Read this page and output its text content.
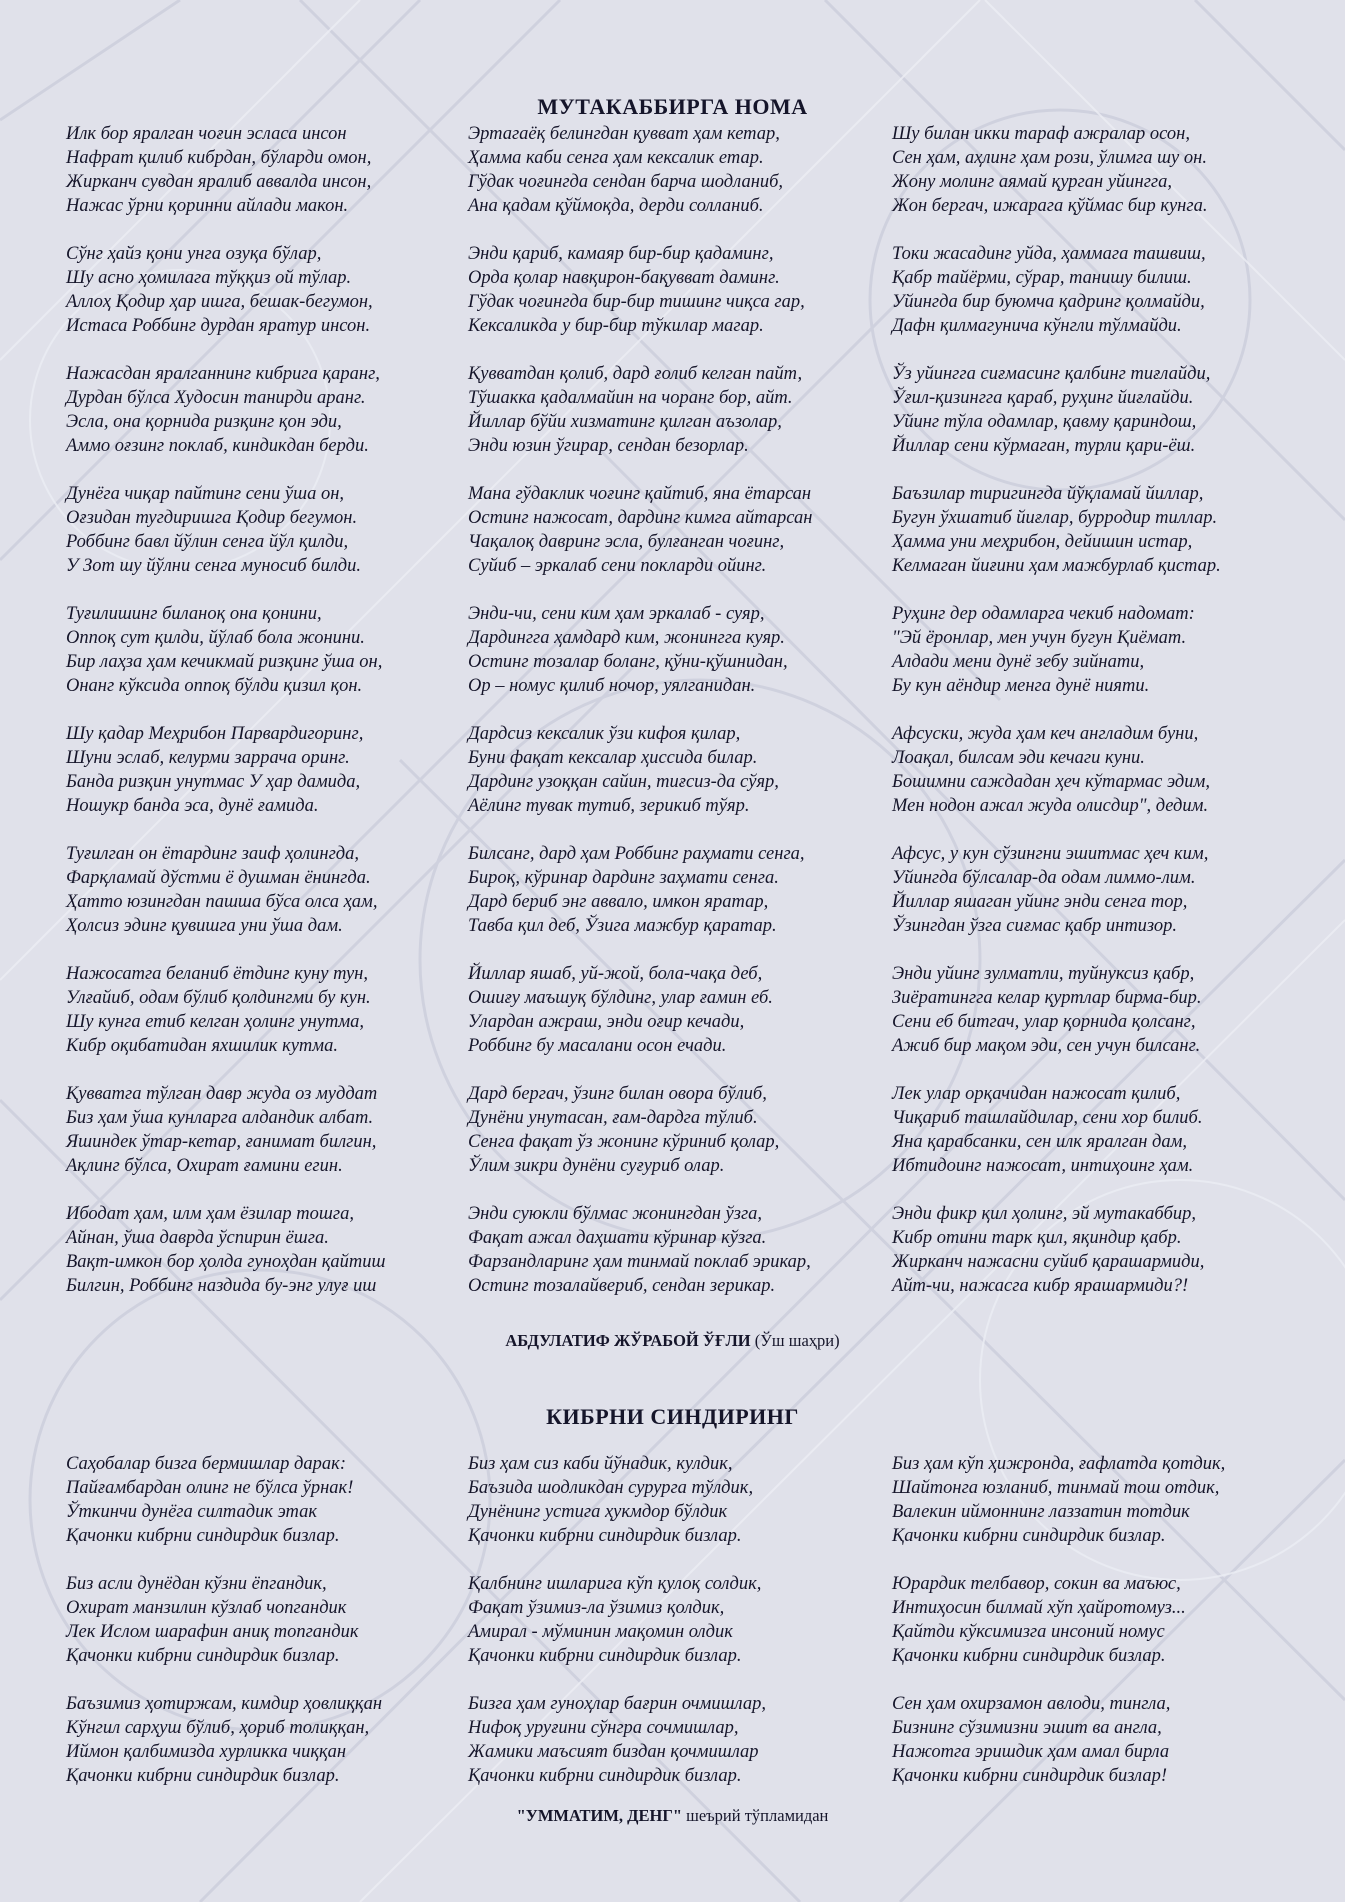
МУТАКАББИРГА НОМА
Илк бор яралган чоғин эсласа инсон
Нафрат қилиб кибрдан, бўларди омон,
Жирканч сувдан яралиб аввалда инсон,
Нажас ўрни қоринни айлади макон.
Сўнг ҳайз қони унга озуқа бўлар,
Шу асно ҳомилага тўққиз ой тўлар.
Аллоҳ Қодир ҳар ишга, бешак-бегумон,
Истаса Роббинг дурдан яратур инсон.
Нажасдан яралганнинг кибрига қаранг,
Дурдан бўлса Худосин танирди аранг.
Эсла, она қорнида ризқинг қон эди,
Аммо оғзинг поклаб, киндикдан берди.
Дунёга чиқар пайтинг сени ўша он,
Оғзидан тугдиришга Қодир бегумон.
Роббинг бавл йўлин сенга йўл қилди,
У Зот шу йўлни сенга муносиб билди.
Туғилишинг биланоқ она қонини,
Оппоқ сут қилди, йўлаб бола жонини.
Бир лаҳза ҳам кечикмай ризқинг ўша он,
Онанг кўксида оппоқ бўлди қизил қон.
Шу қадар Меҳрибон Парвардигоринг,
Шуни эслаб, келурми заррача оринг.
Банда ризқин унутмас У ҳар дамида,
Ношукр банда эса, дунё ғамида.
Туғилган он ётардинг заиф ҳолингда,
Фарқламай дўстми ё душман ёнингда.
Ҳатто юзингдан пашша бўса олса ҳам,
Ҳолсиз эдинг қувишга уни ўша дам.
Нажосатга беланиб ётдинг куну тун,
Улғайиб, одам бўлиб қолдингми бу кун.
Шу кунга етиб келган ҳолинг унутма,
Кибр оқибатидан яхшилик кутма.
Қувватга тўлган давр жуда оз муддат
Биз ҳам ўша кунларга алдандик албат.
Яшиндек ўтар-кетар, ғанимат билгин,
Ақлинг бўлса, Охират ғамини егин.
Ибодат ҳам, илм ҳам ёзилар тошга,
Айнан, ўша даврда ўспирин ёшга.
Вақт-имкон бор ҳолда гуноҳдан қайтиш
Билгин, Роббинг наздида бу-энг улуғ иш
Эртагаёқ белингдан қувват ҳам кетар,
Ҳамма каби сенга ҳам кексалик етар.
Гўдак чоғингда сендан барча шодланиб,
Ана қадам қўймоқда, дерди солланиб.
Энди қариб, камаяр бир-бир қадаминг,
Орда қолар навқирон-бақувват даминг.
Гўдак чоғингда бир-бир тишинг чиқса гар,
Кексаликда у бир-бир тўкилар магар.
Қувватдан қолиб, дард ғолиб келган пайт,
Тўшакка қадалмайин на чоранг бор, айт.
Йиллар бўйи хизматинг қилган аъзолар,
Энди юзин ўгирар, сендан безорлар.
Мана гўдаклик чоғинг қайтиб, яна ётарсан
Остинг нажосат, дардинг кимга айтарсан
Чақалоқ давринг эсла, булғанган чоғинг,
Суйиб – эркалаб сени покларди ойинг.
Энди-чи, сени ким ҳам эркалаб - суяр,
Дардингга ҳамдард ким, жонингга куяр.
Остинг тозалар боланг, қўни-қўшнидан,
Ор – номус қилиб ночор, уялганидан.
Дардсиз кексалик ўзи кифоя қилар,
Буни фақат кексалар ҳиссида билар.
Дардинг узоққан сайин, тиғсиз-да сўяр,
Аёлинг тувак тутиб, зерикиб тўяр.
Билсанг, дард ҳам Роббинг раҳмати сенга,
Бироқ, кўринар дардинг заҳмати сенга.
Дард бериб энг аввало, имкон яратар,
Тавба қил деб, Ўзига мажбур қаратар.
Йиллар яшаб, уй-жой, бола-чақа деб,
Ошиғу маъшуқ бўлдинг, улар ғамин еб.
Улардан ажраш, энди оғир кечади,
Роббинг бу масалани осон ечади.
Дард бергач, ўзинг билан овора бўлиб,
Дунёни унутасан, ғам-дардга тўлиб.
Сенга фақат ўз жонинг кўриниб қолар,
Ўлим зикри дунёни суғуриб олар.
Энди суюкли бўлмас жонингдан ўзга,
Фақат ажал даҳшати кўринар кўзга.
Фарзандларинг ҳам тинмай поклаб эрикар,
Остинг тозалайвериб, сендан зерикар.
Шу билан икки тараф ажралар осон,
Сен ҳам, аҳлинг ҳам рози, ўлимга шу он.
Жону молинг аямай қурган уйингга,
Жон бергач, ижарага қўймас бир кунга.
Токи жасадинг уйда, ҳаммага ташвиш,
Қабр тайёрми, сўрар, танишу билиш.
Уйингда бир буюмча қадринг қолмайди,
Дафн қилмагунича кўнгли тўлмайди.
Ўз уйингга сиғмасинг қалбинг тиғлайди,
Ўғил-қизингга қараб, руҳинг йиғлайди.
Уйинг тўла одамлар, қавму қариндош,
Йиллар сени кўрмаган, турли қари-ёш.
Баъзилар тиригингда йўқламай йиллар,
Бугун ўхшатиб йиғлар, бурродир тиллар.
Ҳамма уни меҳрибон, дейишин истар,
Келмаган йиғини ҳам мажбурлаб қистар.
Руҳинг дер одамларга чекиб надомат:
"Эй ёронлар, мен учун бугун Қиёмат.
Алдади мени дунё зебу зийнати,
Бу кун аёндир менга дунё нияти.
Афсуски, жуда ҳам кеч англадим буни,
Лоақал, билсам эди кечаги куни.
Бошимни саждадан ҳеч кўтармас эдим,
Мен нодон ажал жуда олисдир", дедим.
Афсус, у кун сўзингни эшитмас ҳеч ким,
Уйингда бўлсалар-да одам лиммо-лим.
Йиллар яшаган уйинг энди сенга тор,
Ўзингдан ўзга сиғмас қабр интизор.
Энди уйинг зулматли, туйнуксиз қабр,
Зиёратингга келар қуртлар бирма-бир.
Сени еб битгач, улар қорнида қолсанг,
Ажиб бир мақом эди, сен учун билсанг.
Лек улар орқачидан нажосат қилиб,
Чиқариб ташлайдилар, сени хор билиб.
Яна қарабсанки, сен илк яралган дам,
Ибтидоинг нажосат, интиҳоинг ҳам.
Энди фикр қил ҳолинг, эй мутакаббир,
Кибр отини тарк қил, яқиндир қабр.
Жирканч нажасни суйиб қарашармиди,
Айт-чи, нажасга кибр ярашармиди?!
АБДУЛАТИФ ЖЎРАБОЙ ЎҒЛИ (Ўш шаҳри)
КИБРНИ СИНДИРИНГ
Саҳобалар бизга бермишлар дарак:
Пайғамбардан олинг не бўлса ўрнак!
Ўткинчи дунёга силтадик этак
Қачонки кибрни синдирдик бизлар.
Биз асли дунёдан кўзни ёпгандик,
Охират манзилин кўзлаб чопгандик
Лек Ислом шарафин аниқ топгандик
Қачонки кибрни синдирдик бизлар.
Баъзимиз ҳотиржам, кимдир ҳовлиққан
Кўнгил сарҳуш бўлиб, ҳориб толиққан,
Иймон қалбимизда хурликка чиққан
Қачонки кибрни синдирдик бизлар.
Биз ҳам сиз каби йўнадик, кулдик,
Баъзида шодликдан сурурга тўлдик,
Дунёнинг устига ҳукмдор бўлдик
Қачонки кибрни синдирдик бизлар.
Қалбнинг ишларига кўп қулоқ солдик,
Фақат ўзимиз-ла ўзимиз қолдик,
Амирал - мўминин мақомин олдик
Қачонки кибрни синдирдик бизлар.
Бизга ҳам гуноҳлар бағрин очмишлар,
Нифоқ уруғини сўнгра сочмишлар,
Жамики маъсият биздан қочмишлар
Қачонки кибрни синдирдик бизлар.
Биз ҳам кўп ҳижронда, ғафлатда қотдик,
Шайтонга юзланиб, тинмай тош отдик,
Валекин иймоннинг лаззатин тотдик
Қачонки кибрни синдирдик бизлар.
Юрардик телбавор, сокин ва маъюс,
Интиҳосин билмай хўп ҳайротомуз...
Қайтди кўксимизга инсоний номус
Қачонки кибрни синдирдик бизлар.
Сен ҳам охирзамон авлоди, тингла,
Бизнинг сўзимизни эшит ва англа,
Нажотга эришдик ҳам амал бирла
Қачонки кибрни синдирдик бизлар!
"УММАТИМ, ДЕНГ" шеърий тўпламидан
